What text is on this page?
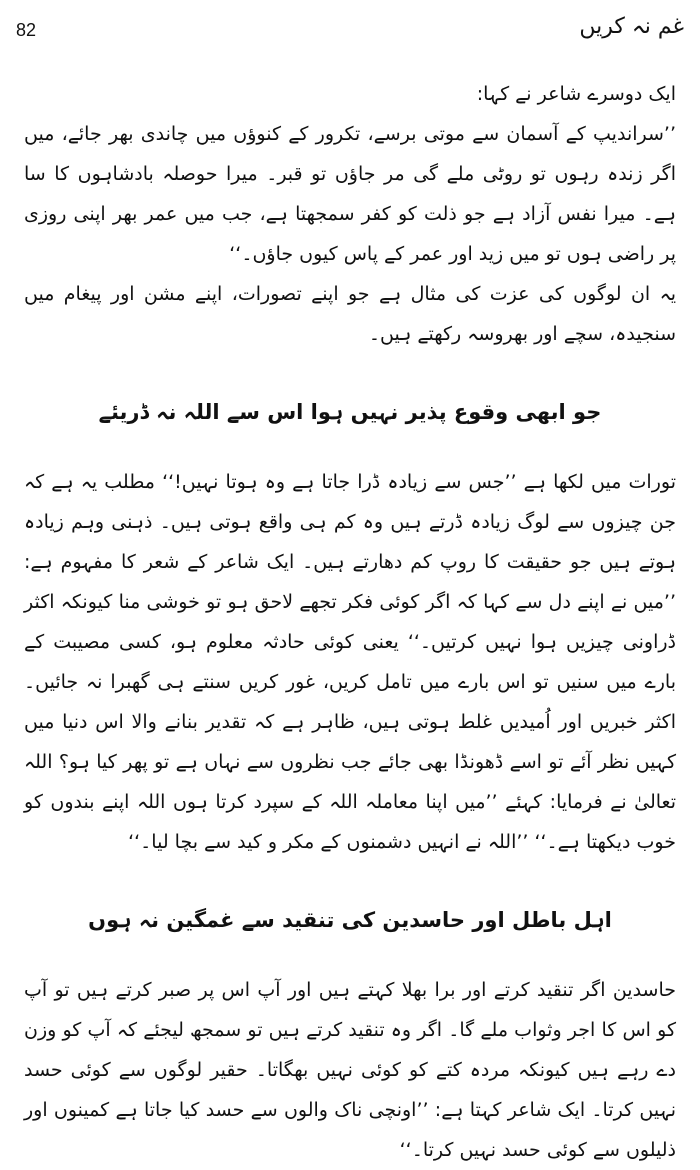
غم نہ کریں
82

ایک دوسرے شاعر نے کہا:

’’سراندیپ کے آسمان سے موتی برسے، تکرور کے کنوؤں میں چاندی بھر جائے، میں اگر زندہ رہوں تو روٹی ملے گی مر جاؤں تو قبر۔ میرا حوصلہ بادشاہوں کا سا ہے۔ میرا نفس آزاد ہے جو ذلت کو کفر سمجھتا ہے، جب میں عمر بھر اپنی روزی پر راضی ہوں تو میں زید اور عمر کے پاس کیوں جاؤں۔‘‘

یہ ان لوگوں کی عزت کی مثال ہے جو اپنے تصورات، اپنے مشن اور پیغام میں سنجیدہ، سچے اور بھروسہ رکھتے ہیں۔

جو ابھی وقوع پذیر نہیں ہوا اس سے اللہ نہ ڈریئے

تورات میں لکھا ہے ’’جس سے زیادہ ڈرا جاتا ہے وہ ہوتا نہیں!‘‘ مطلب یہ ہے کہ جن چیزوں سے لوگ زیادہ ڈرتے ہیں وہ کم ہی واقع ہوتی ہیں۔ ذہنی وہم زیادہ ہوتے ہیں جو حقیقت کا روپ کم دھارتے ہیں۔ ایک شاعر کے شعر کا مفہوم ہے: ’’میں نے اپنے دل سے کہا کہ اگر کوئی فکر تجھے لاحق ہو تو خوشی منا کیونکہ اکثر ڈراونی چیزیں ہوا نہیں کرتیں۔‘‘ یعنی کوئی حادثہ معلوم ہو، کسی مصیبت کے بارے میں سنیں تو اس بارے میں تامل کریں، غور کریں سنتے ہی گھبرا نہ جائیں۔ اکثر خبریں اور اُمیدیں غلط ہوتی ہیں، ظاہر ہے کہ تقدیر بنانے والا اس دنیا میں کہیں نظر آئے تو اسے ڈھونڈا بھی جائے جب نظروں سے نہاں ہے تو پھر کیا ہو؟ اللہ تعالیٰ نے فرمایا: کہئے ’’میں اپنا معاملہ اللہ کے سپرد کرتا ہوں اللہ اپنے بندوں کو خوب دیکھتا ہے۔‘‘ ’’اللہ نے انہیں دشمنوں کے مکر و کید سے بچا لیا۔‘‘

اہل باطل اور حاسدین کی تنقید سے غمگین نہ ہوں

حاسدین اگر تنقید کرتے اور برا بھلا کہتے ہیں اور آپ اس پر صبر کرتے ہیں تو آپ کو اس کا اجر وثواب ملے گا۔ اگر وہ تنقید کرتے ہیں تو سمجھ لیجئے کہ آپ کو وزن دے رہے ہیں کیونکہ مردہ کتے کو کوئی نہیں بھگاتا۔ حقیر لوگوں سے کوئی حسد نہیں کرتا۔ ایک شاعر کہتا ہے: ’’اونچی ناک والوں سے حسد کیا جاتا ہے کمینوں اور ذلیلوں سے کوئی حسد نہیں کرتا۔‘‘
